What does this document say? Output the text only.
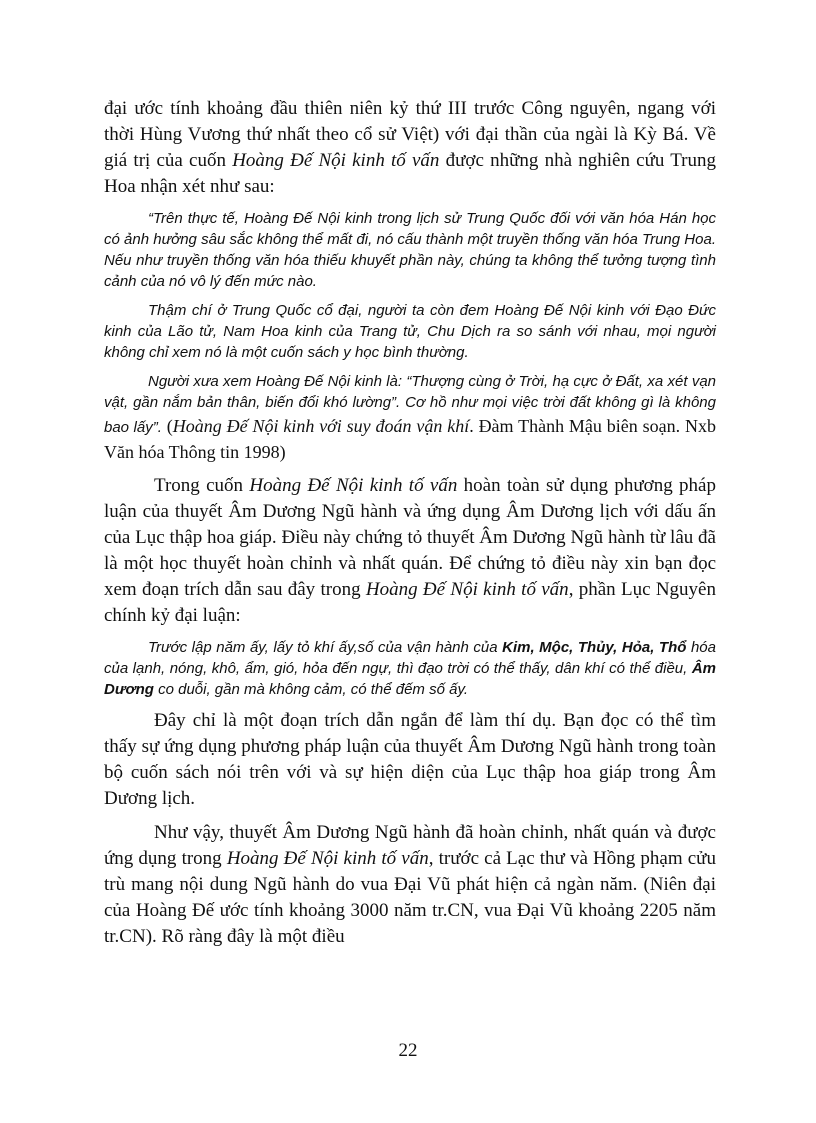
đại ước tính khoảng đầu thiên niên kỷ thứ III trước Công nguyên, ngang với thời Hùng Vương thứ nhất theo cổ sử Việt) với đại thần của ngài là Kỳ Bá. Về giá trị của cuốn Hoàng Đế Nội kinh tố vấn được những nhà nghiên cứu Trung Hoa nhận xét như sau:

“Trên thực tế, Hoàng Đế Nội kinh trong lịch sử Trung Quốc đối với văn hóa Hán học có ảnh hưởng sâu sắc không thể mất đi, nó cấu thành một truyền thống văn hóa Trung Hoa. Nếu như truyền thống văn hóa thiếu khuyết phần này, chúng ta không thể tưởng tượng tình cảnh của nó vô lý đến mức nào.

Thậm chí ở Trung Quốc cổ đại, người ta còn đem Hoàng Đế Nội kinh với Đạo Đức kinh của Lão tử, Nam Hoa kinh của Trang tử, Chu Dịch ra so sánh với nhau, mọi người không chỉ xem nó là một cuốn sách y học bình thường.

Người xưa xem Hoàng Đế Nội kinh là: “Thượng cùng ở Trời, hạ cực ở Đất, xa xét vạn vật, gần nắm bản thân, biến đổi khó lường”. Cơ hồ như mọi việc trời đất không gì là không bao lấy”. (Hoàng Đế Nội kinh với suy đoán vận khí. Đàm Thành Mậu biên soạn. Nxb Văn hóa Thông tin 1998)

Trong cuốn Hoàng Đế Nội kinh tố vấn hoàn toàn sử dụng phương pháp luận của thuyết Âm Dương Ngũ hành và ứng dụng Âm Dương lịch với dấu ấn của Lục thập hoa giáp. Điều này chứng tỏ thuyết Âm Dương Ngũ hành từ lâu đã là một học thuyết hoàn chỉnh và nhất quán. Để chứng tỏ điều này xin bạn đọc xem đoạn trích dẫn sau đây trong Hoàng Đế Nội kinh tố vấn, phần Lục Nguyên chính kỷ đại luận:

Trước lập năm ấy, lấy tỏ khí ấy,số của vận hành của Kim, Mộc, Thủy, Hỏa, Thổ hóa của lạnh, nóng, khô, ẩm, gió, hỏa đến ngự, thì đạo trời có thể thấy, dân khí có thể điều, Âm Dương co duỗi, gần mà không cảm, có thể đếm số ấy.

Đây chỉ là một đoạn trích dẫn ngắn để làm thí dụ. Bạn đọc có thể tìm thấy sự ứng dụng phương pháp luận của thuyết Âm Dương Ngũ hành trong toàn bộ cuốn sách nói trên với và sự hiện diện của Lục thập hoa giáp trong Âm Dương lịch.

Như vậy, thuyết Âm Dương Ngũ hành đã hoàn chỉnh, nhất quán và được ứng dụng trong Hoàng Đế Nội kinh tố vấn, trước cả Lạc thư và Hồng phạm cửu trù mang nội dung Ngũ hành do vua Đại Vũ phát hiện cả ngàn năm. (Niên đại của Hoàng Đế ước tính khoảng 3000 năm tr.CN, vua Đại Vũ khoảng 2205 năm tr.CN). Rõ ràng đây là một điều

22
